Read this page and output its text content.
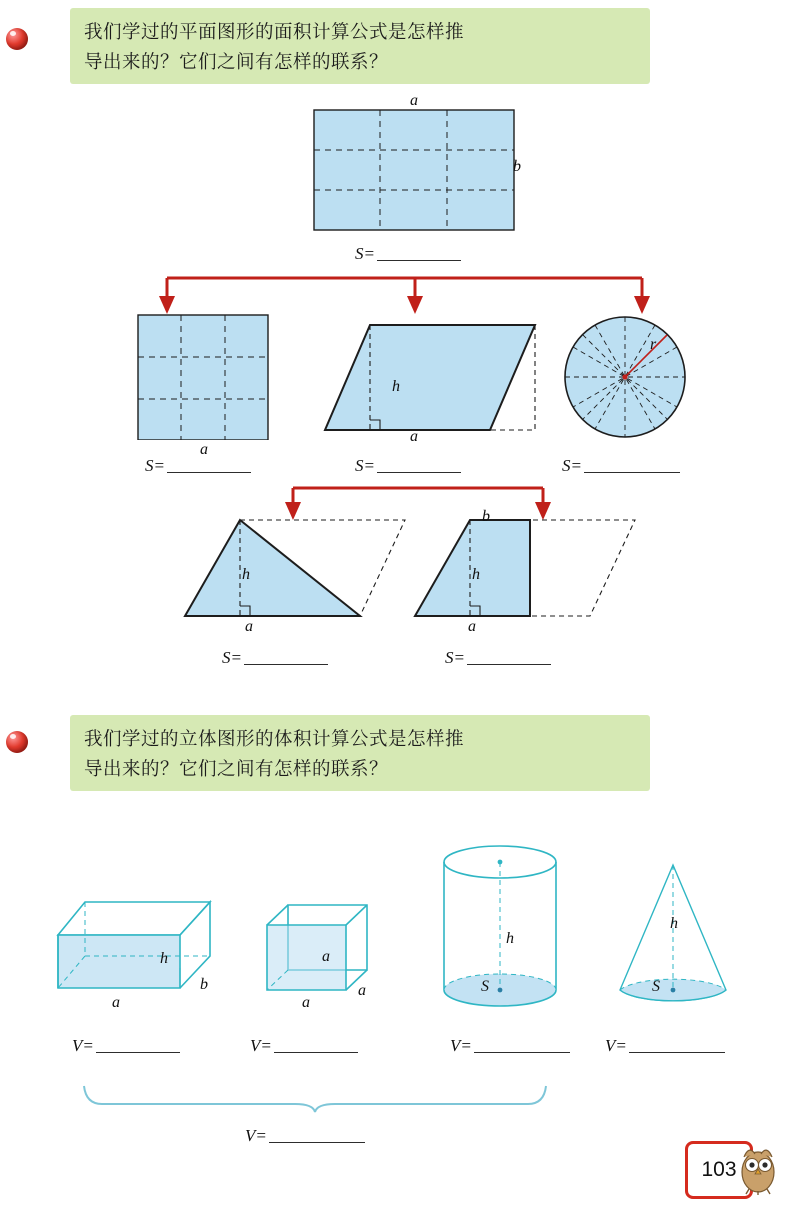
我们学过的平面图形的面积计算公式是怎样推
导出来的？它们之间有怎样的联系？
a
b
S=
a
S=
h
a
S=
r
S=
h
a
S=
b
h
a
S=
我们学过的立体图形的体积计算公式是怎样推
导出来的？它们之间有怎样的联系？
h
a
b
V=
a
a
a
V=
h
S
V=
h
S
V=
V=
103
